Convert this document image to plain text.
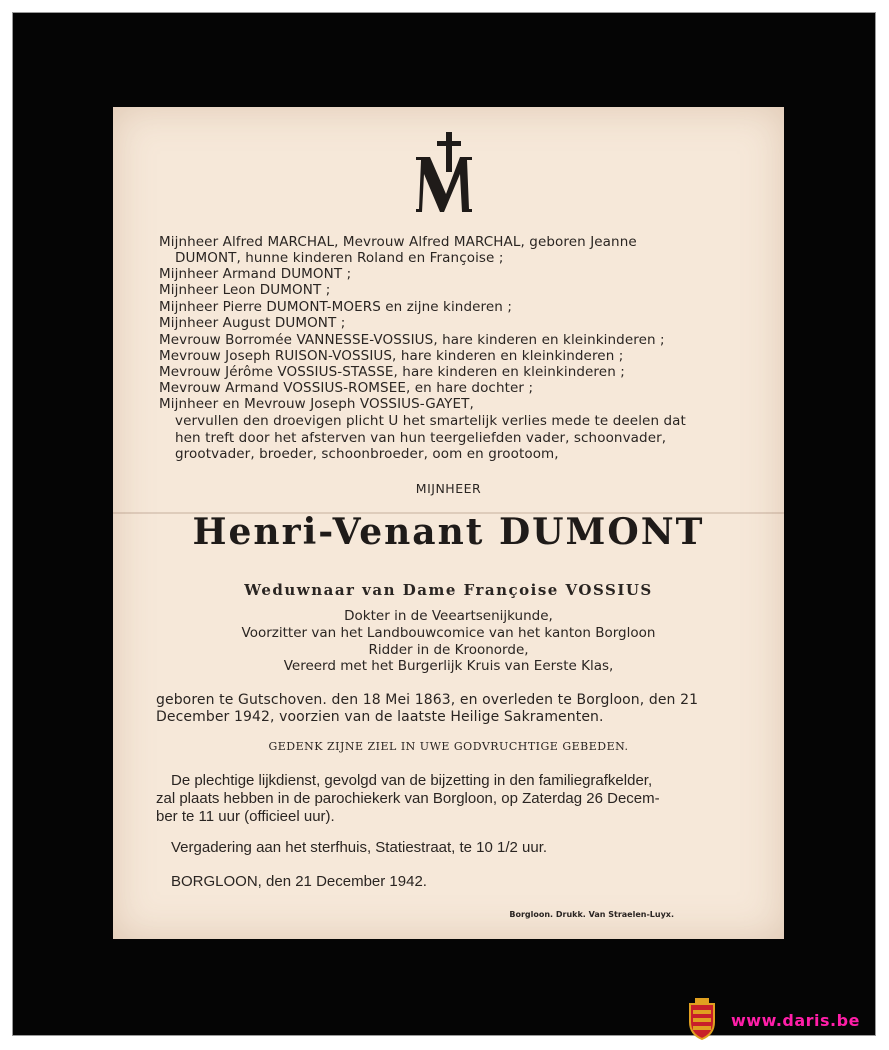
Mijnheer Alfred MARCHAL, Mevrouw Alfred MARCHAL, geboren Jeanne
DUMONT, hunne kinderen Roland en Françoise ;
Mijnheer Armand DUMONT ;
Mijnheer Leon DUMONT ;
Mijnheer Pierre DUMONT-MOERS en zijne kinderen ;
Mijnheer August DUMONT ;
Mevrouw Borromée VANNESSE-VOSSIUS, hare kinderen en kleinkinderen ;
Mevrouw Joseph RUISON-VOSSIUS, hare kinderen en kleinkinderen ;
Mevrouw Jérôme VOSSIUS-STASSE, hare kinderen en kleinkinderen ;
Mevrouw Armand VOSSIUS-ROMSEE, en hare dochter ;
Mijnheer en Mevrouw Joseph VOSSIUS-GAYET,
vervullen den droevigen plicht U het smartelijk verlies mede te deelen dat
hen treft door het afsterven van hun teergeliefden vader, schoonvader,
grootvader, broeder, schoonbroeder, oom en grootoom,
MIJNHEER
Henri-Venant DUMONT
Weduwnaar van Dame Françoise VOSSIUS
Dokter in de Veeartsenijkunde,
Voorzitter van het Landbouwcomice van het kanton Borgloon
Ridder in de Kroonorde,
Vereerd met het Burgerlijk Kruis van Eerste Klas,
geboren te Gutschoven. den 18 Mei 1863, en overleden te Borgloon, den 21
December 1942, voorzien van de laatste Heilige Sakramenten.
GEDENK ZIJNE ZIEL IN UWE GODVRUCHTIGE GEBEDEN.
De plechtige lijkdienst, gevolgd van de bijzetting in den familiegrafkelder,
zal plaats hebben in de parochiekerk van Borgloon, op Zaterdag 26 Decem-
ber te 11 uur (officieel uur).
Vergadering aan het sterfhuis, Statiestraat, te 10 1/2 uur.
BORGLOON, den 21 December 1942.
Borgloon. Drukk. Van Straelen-Luyx.
www.daris.be
